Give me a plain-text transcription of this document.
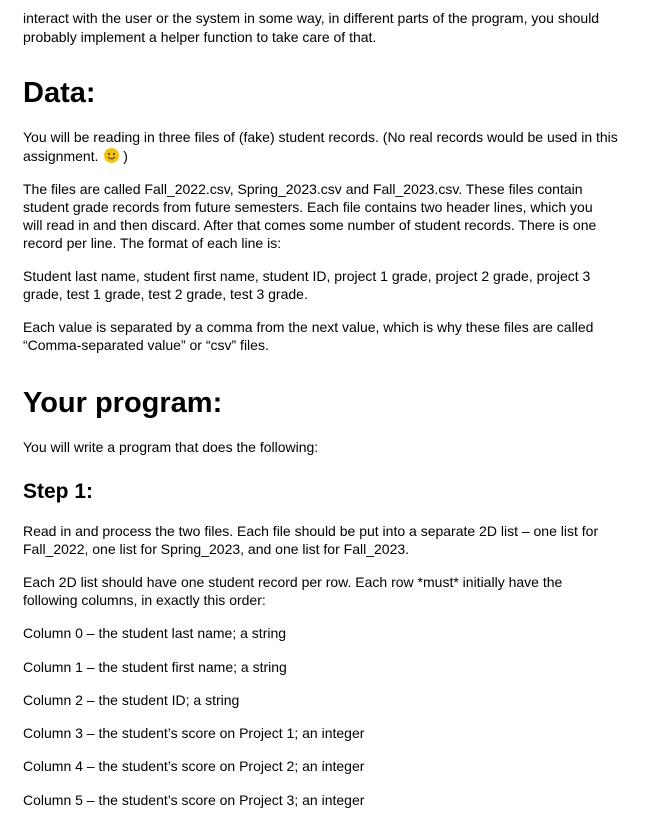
interact with the user or the system in some way, in different parts of the program, you should

probably implement a helper function to take care of that.

Data:

You will be reading in three files of (fake) student records. (No real records would be used in this

assignment.
)

The files are called Fall_2022.csv, Spring_2023.csv and Fall_2023.csv. These files contain

student grade records from future semesters. Each file contains two header lines, which you

will read in and then discard. After that comes some number of student records. There is one

record per line. The format of each line is:

Student last name, student first name, student ID, project 1 grade, project 2 grade, project 3

grade, test 1 grade, test 2 grade, test 3 grade.

Each value is separated by a comma from the next value, which is why these files are called

“Comma-separated value” or “csv” files.

Your program:

You will write a program that does the following:

Step 1:

Read in and process the two files. Each file should be put into a separate 2D list – one list for

Fall_2022, one list for Spring_2023, and one list for Fall_2023.

Each 2D list should have one student record per row. Each row *must* initially have the

following columns, in exactly this order:

Column 0 – the student last name; a string

Column 1 – the student first name; a string

Column 2 – the student ID; a string

Column 3 – the student’s score on Project 1; an integer

Column 4 – the student’s score on Project 2; an integer

Column 5 – the student’s score on Project 3; an integer
